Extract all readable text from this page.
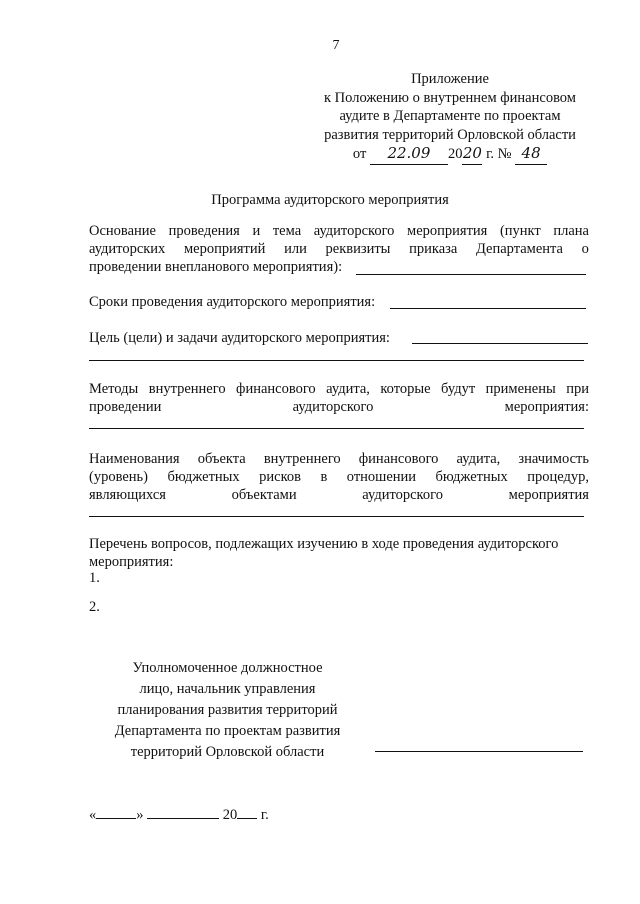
7
Приложение
к Положению о внутреннем финансовом
аудите в Департаменте по проектам
развития территорий Орловской области
от 22.09 2020 г. № 48
Программа аудиторского мероприятия
Основание проведения и тема аудиторского мероприятия (пункт плана
аудиторских мероприятий или реквизиты приказа Департамента о
проведении внепланового мероприятия):
Сроки проведения аудиторского мероприятия:
Цель (цели) и задачи аудиторского мероприятия:
Методы внутреннего финансового аудита, которые будут применены при
проведении	аудиторского	мероприятия:
Наименования объекта внутреннего финансового аудита, значимость
(уровень) бюджетных рисков в отношении бюджетных процедур,
являющихся	объектами	аудиторского	мероприятия
Перечень вопросов, подлежащих изучению в ходе проведения аудиторского
мероприятия:
1.
2.
Уполномоченное должностное
лицо, начальник управления
планирования развития территорий
Департамента по проектам развития
территорий Орловской области
«	»	20 г.
